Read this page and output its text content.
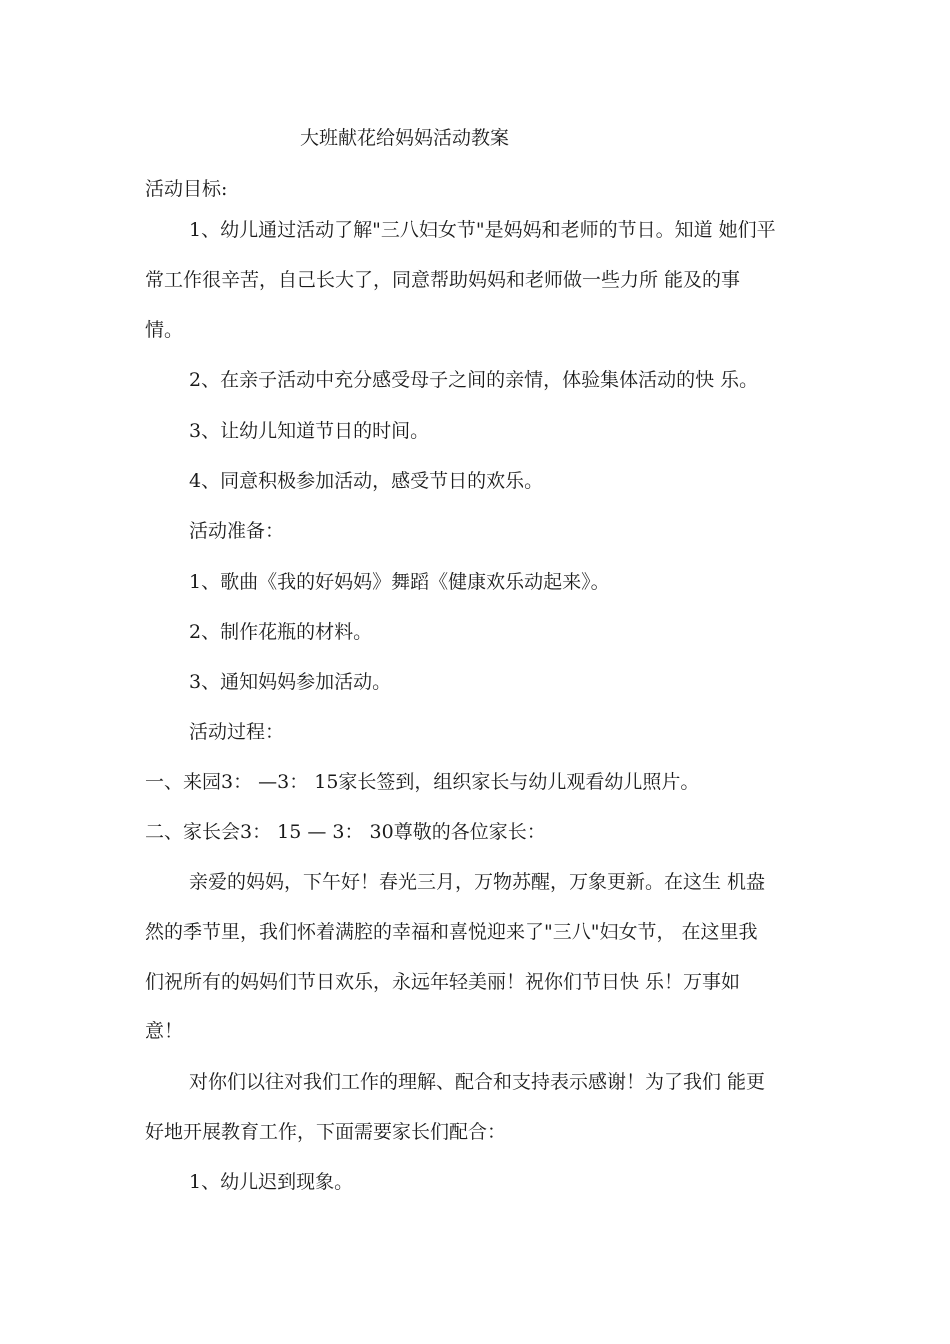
大班献花给妈妈活动教案
活动目标:
1、幼儿通过活动了解"三八妇女节"是妈妈和老师的节日。知道 她们平
常工作很辛苦，自己长大了，同意帮助妈妈和老师做一些力所 能及的事
情。
2、在亲子活动中充分感受母子之间的亲情，体验集体活动的快 乐。
3、让幼儿知道节日的时间。
4、同意积极参加活动，感受节日的欢乐。
活动准备：
1、歌曲《我的好妈妈》舞蹈《健康欢乐动起来》。
2、制作花瓶的材料。
3、通知妈妈参加活动。
活动过程：
一、来园3： —3： 15家长签到，组织家长与幼儿观看幼儿照片。
二、家长会3： 15 — 3： 30尊敬的各位家长：
亲爱的妈妈，下午好！春光三月，万物苏醒，万象更新。在这生 机盎
然的季节里，我们怀着满腔的幸福和喜悦迎来了"三八"妇女节， 在这里我
们祝所有的妈妈们节日欢乐，永远年轻美丽！祝你们节日快 乐！万事如
意！
对你们以往对我们工作的理解、配合和支持表示感谢！为了我们 能更
好地开展教育工作，下面需要家长们配合：
1、幼儿迟到现象。
